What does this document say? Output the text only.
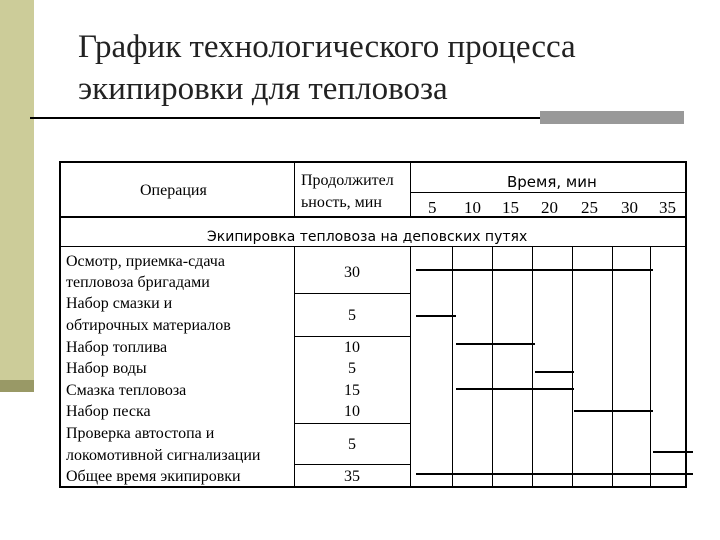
График технологического процесса
экипировки для тепловоза
Операция
Продолжител
ьность, мин
Время, мин
5 10 15 20 25 30 35
Экипировка тепловоза на деповских путях
Осмотр, приемка-сдача
тепловоза бригадами
Набор смазки и
обтирочных материалов
Набор топлива
Набор воды
Смазка тепловоза
Набор песка
Проверка автостопа и
локомотивной сигнализации
Общее время экипировки
30
5
10
5
15
10
5
35
